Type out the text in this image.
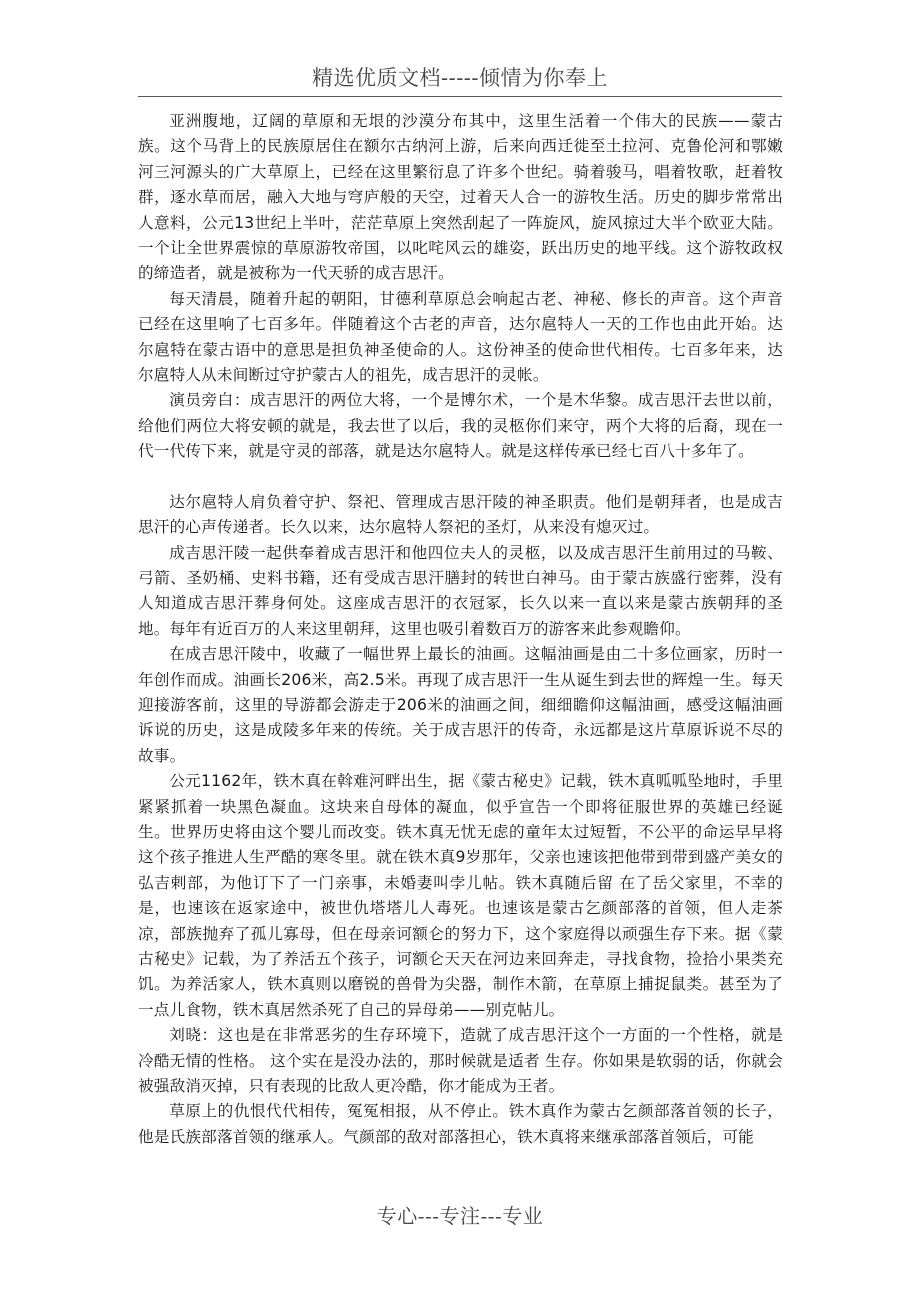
精选优质文档-----倾情为你奉上

亚洲腹地，辽阔的草原和无垠的沙漠分布其中，这里生活着一个伟大的民族——蒙古族。这个马背上的民族原居住在额尔古纳河上游，后来向西迁徙至土拉河、克鲁伦河和鄂嫩河三河源头的广大草原上，已经在这里繁衍息了许多个世纪。骑着骏马，唱着牧歌，赶着牧群，逐水草而居，融入大地与穹庐般的天空，过着天人合一的游牧生活。历史的脚步常常出人意料，公元13世纪上半叶，茫茫草原上突然刮起了一阵旋风，旋风掠过大半个欧亚大陆。一个让全世界震惊的草原游牧帝国，以叱咤风云的雄姿，跃出历史的地平线。这个游牧政权的缔造者，就是被称为一代天骄的成吉思汗。

每天清晨，随着升起的朝阳，甘德利草原总会响起古老、神秘、修长的声音。这个声音已经在这里响了七百多年。伴随着这个古老的声音，达尔扈特人一天的工作也由此开始。达尔扈特在蒙古语中的意思是担负神圣使命的人。这份神圣的使命世代相传。七百多年来，达尔扈特人从未间断过守护蒙古人的祖先，成吉思汗的灵帐。

演员旁白：成吉思汗的两位大将，一个是博尔术，一个是木华黎。成吉思汗去世以前，给他们两位大将安顿的就是，我去世了以后，我的灵柩你们来守，两个大将的后裔，现在一代一代传下来，就是守灵的部落，就是达尔扈特人。就是这样传承已经七百八十多年了。

达尔扈特人肩负着守护、祭祀、管理成吉思汗陵的神圣职责。他们是朝拜者，也是成吉思汗的心声传递者。长久以来，达尔扈特人祭祀的圣灯，从来没有熄灭过。

成吉思汗陵一起供奉着成吉思汗和他四位夫人的灵柩，以及成吉思汗生前用过的马鞍、弓箭、圣奶桶、史料书籍，还有受成吉思汗膳封的转世白神马。由于蒙古族盛行密葬，没有人知道成吉思汗葬身何处。这座成吉思汗的衣冠冢，长久以来一直以来是蒙古族朝拜的圣地。每年有近百万的人来这里朝拜，这里也吸引着数百万的游客来此参观瞻仰。

在成吉思汗陵中，收藏了一幅世界上最长的油画。这幅油画是由二十多位画家，历时一年创作而成。油画长206米，高2.5米。再现了成吉思汗一生从诞生到去世的辉煌一生。每天迎接游客前，这里的导游都会游走于206米的油画之间，细细瞻仰这幅油画，感受这幅油画诉说的历史，这是成陵多年来的传统。关于成吉思汗的传奇，永远都是这片草原诉说不尽的故事。

公元1162年，铁木真在斡难河畔出生，据《蒙古秘史》记载，铁木真呱呱坠地时，手里紧紧抓着一块黑色凝血。这块来自母体的凝血，似乎宣告一个即将征服世界的英雄已经诞生。世界历史将由这个婴儿而改变。铁木真无忧无虑的童年太过短暂，不公平的命运早早将这个孩子推进人生严酷的寒冬里。就在铁木真9岁那年，父亲也速该把他带到带到盛产美女的弘吉剌部，为他订下了一门亲事，未婚妻叫孛儿帖。铁木真随后留 在了岳父家里，不幸的是，也速该在返家途中，被世仇塔塔儿人毒死。也速该是蒙古乞颜部落的首领，但人走茶凉，部族抛弃了孤儿寡母，但在母亲诃额仑的努力下，这个家庭得以顽强生存下来。据《蒙古秘史》记载，为了养活五个孩子，诃额仑天天在河边来回奔走，寻找食物，捡拾小果类充饥。为养活家人，铁木真则以磨锐的兽骨为尖器，制作木箭，在草原上捕捉鼠类。甚至为了一点儿食物，铁木真居然杀死了自己的异母弟——别克帖儿。

刘晓：这也是在非常恶劣的生存环境下，造就了成吉思汗这个一方面的一个性格，就是冷酷无情的性格。 这个实在是没办法的，那时候就是适者 生存。你如果是软弱的话，你就会被强敌消灭掉，只有表现的比敌人更冷酷，你才能成为王者。

草原上的仇恨代代相传，冤冤相报，从不停止。铁木真作为蒙古乞颜部落首领的长子，他是氏族部落首领的继承人。气颜部的敌对部落担心，铁木真将来继承部落首领后，可能

专心---专注---专业
